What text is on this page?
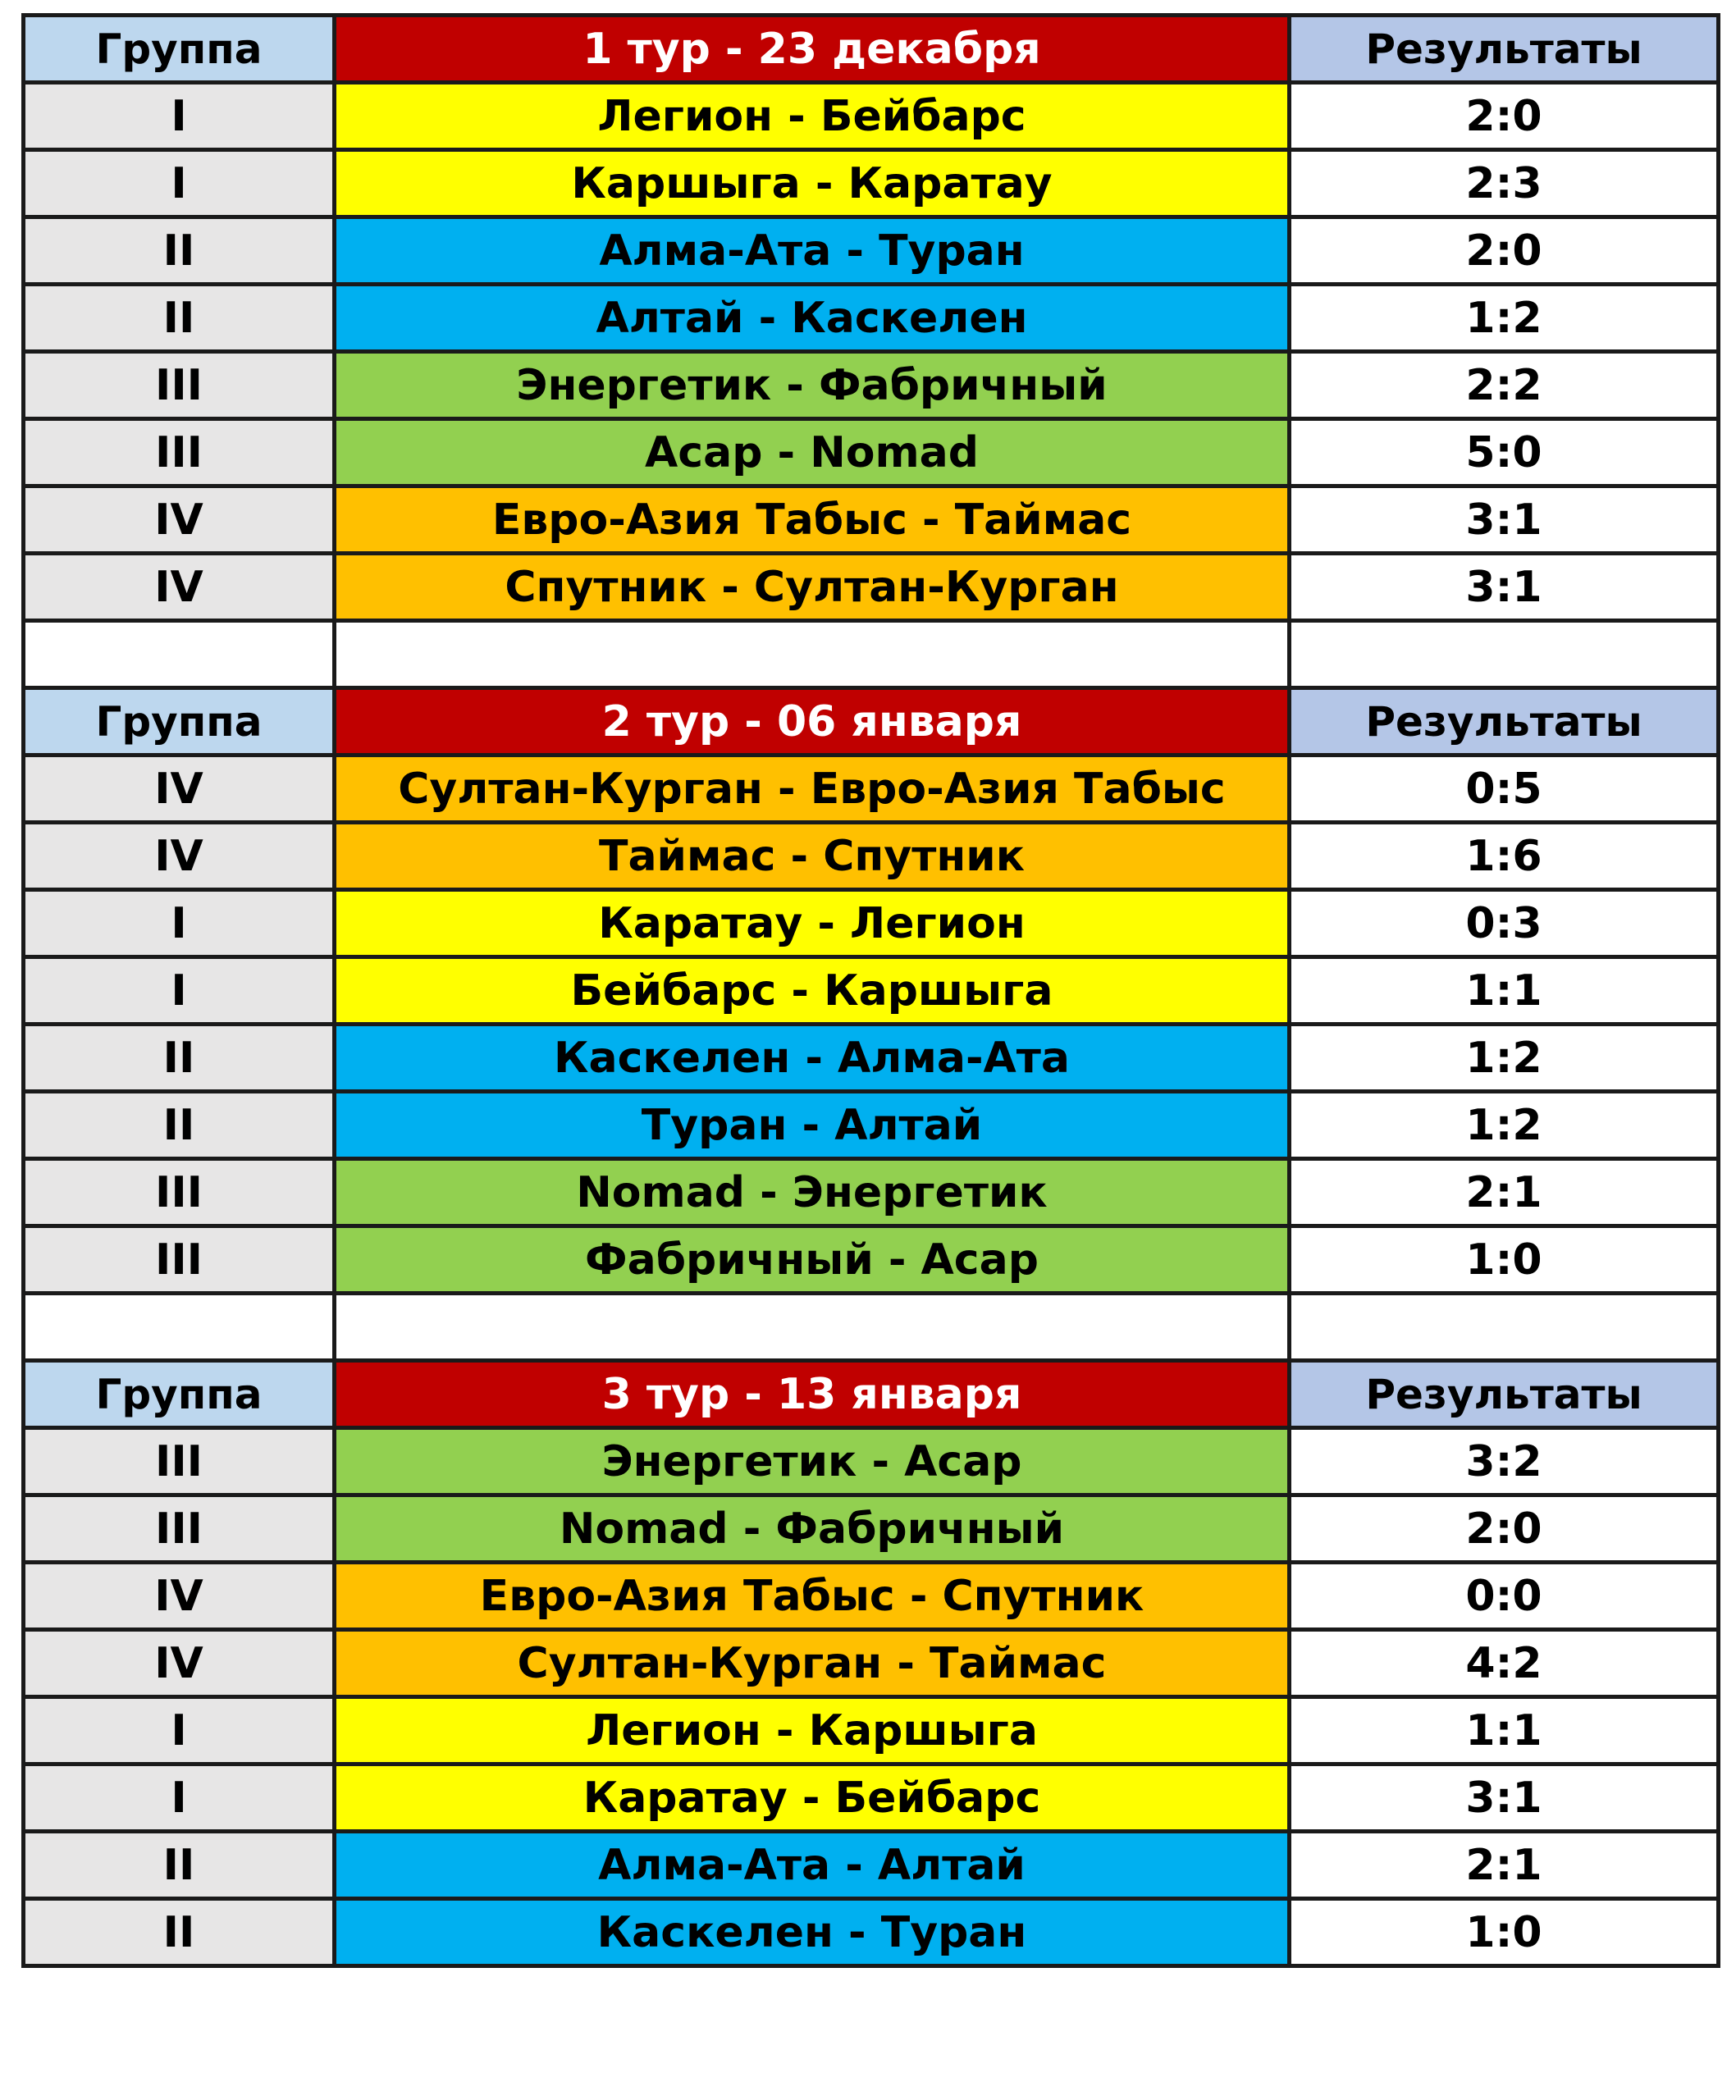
Группа	1 тур - 23 декабря	Результаты
I	Легион - Бейбарс	2:0
I	Каршыга - Каратау	2:3
II	Алма-Ата - Туран	2:0
II	Алтай - Каскелен	1:2
III	Энергетик - Фабричный	2:2
III	Асар - Nomad	5:0
IV	Евро-Азия Табыс - Таймас	3:1
IV	Спутник - Султан-Курган	3:1

Группа	2 тур - 06 января	Результаты
IV	Султан-Курган - Евро-Азия Табыс	0:5
IV	Таймас - Спутник	1:6
I	Каратау - Легион	0:3
I	Бейбарс - Каршыга	1:1
II	Каскелен - Алма-Ата	1:2
II	Туран - Алтай	1:2
III	Nomad - Энергетик	2:1
III	Фабричный - Асар	1:0

Группа	3 тур - 13 января	Результаты
III	Энергетик - Асар	3:2
III	Nomad - Фабричный	2:0
IV	Евро-Азия Табыс - Спутник	0:0
IV	Султан-Курган - Таймас	4:2
I	Легион - Каршыга	1:1
I	Каратау - Бейбарс	3:1
II	Алма-Ата - Алтай	2:1
II	Каскелен - Туран	1:0
